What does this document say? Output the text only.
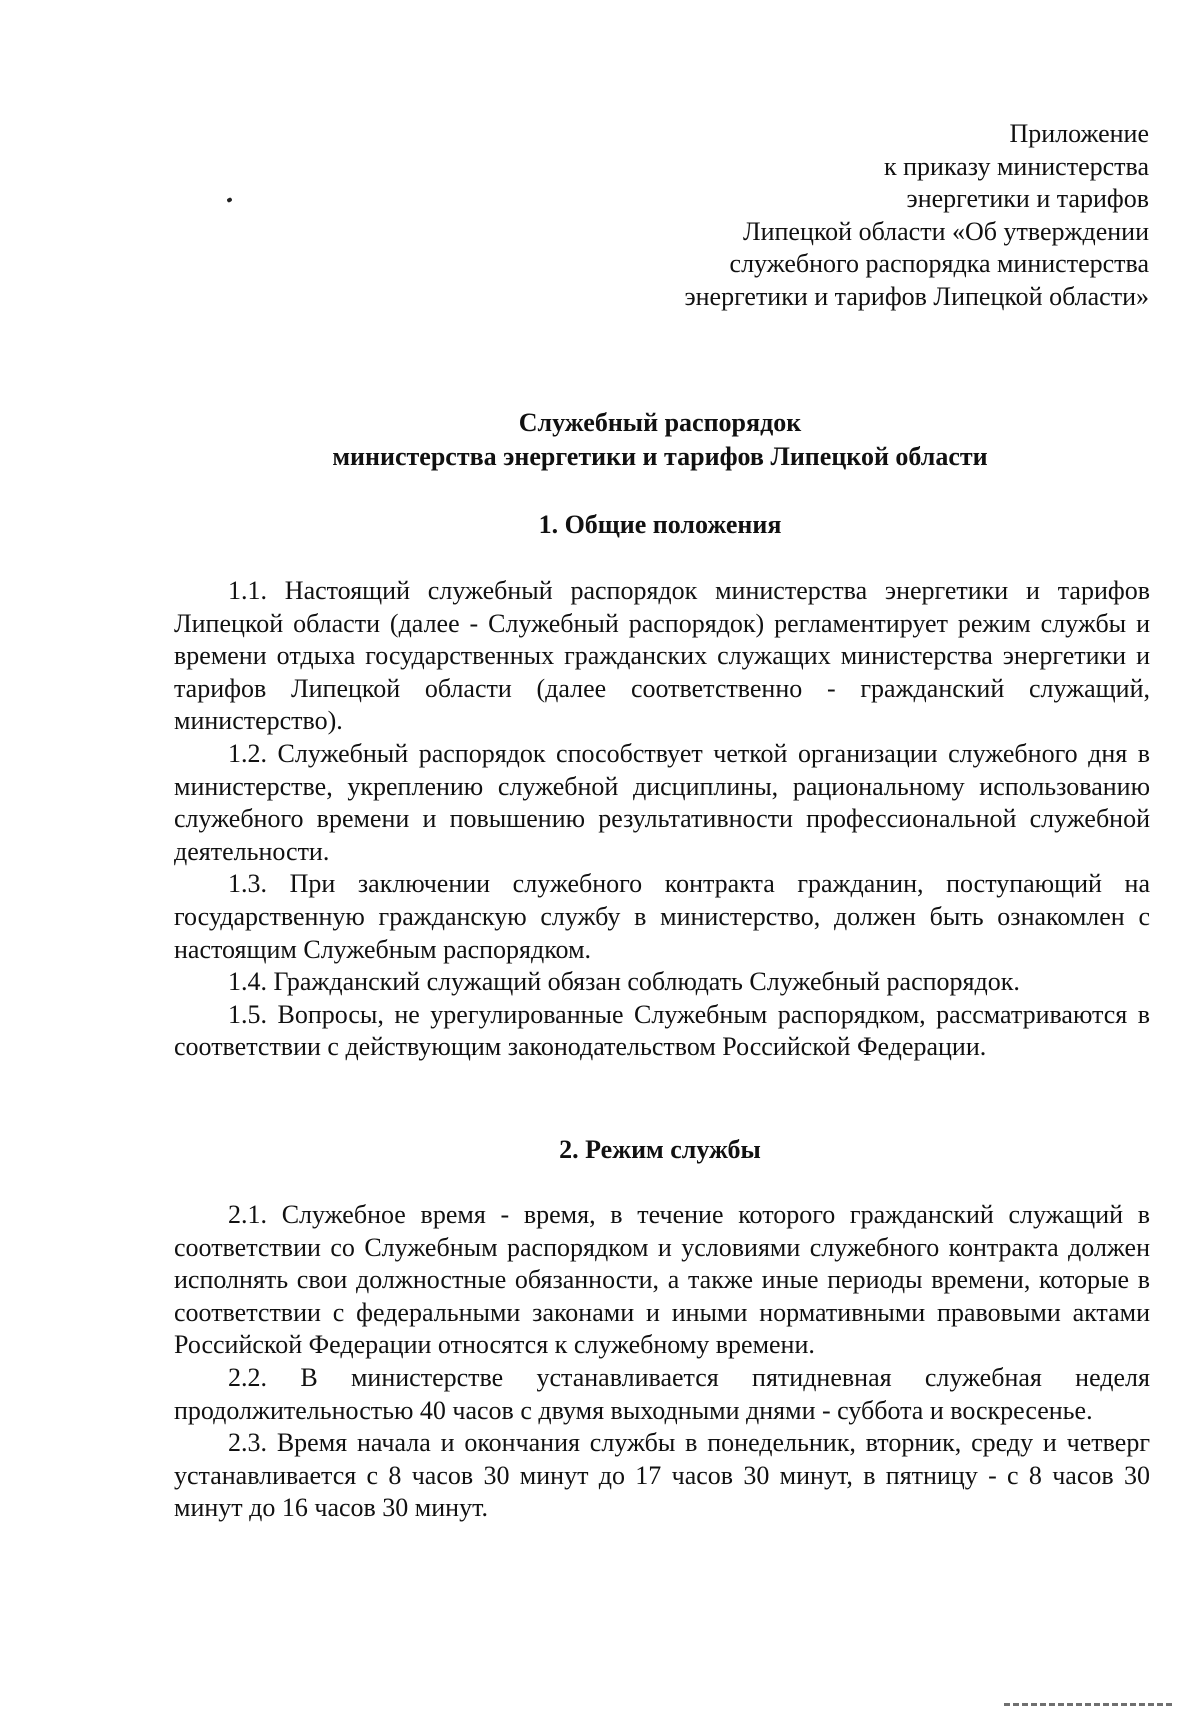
Приложение
к приказу министерства
энергетики и тарифов
Липецкой области «Об утверждении
служебного распорядка министерства
энергетики и тарифов Липецкой области»
Служебный распорядок
министерства энергетики и тарифов Липецкой области
1. Общие положения

1.1. Настоящий служебный распорядок министерства энергетики и тарифов Липецкой области (далее - Служебный распорядок) регламентирует режим службы и времени отдыха государственных гражданских служащих министерства энергетики и тарифов Липецкой области (далее соответственно - гражданский служащий, министерство).

1.2. Служебный распорядок способствует четкой организации служебного дня в министерстве, укреплению служебной дисциплины, рациональному использованию служебного времени и повышению результативности профессиональной служебной деятельности.

1.3. При заключении служебного контракта гражданин, поступающий на государственную гражданскую службу в министерство, должен быть ознакомлен с настоящим Служебным распорядком.

1.4. Гражданский служащий обязан соблюдать Служебный распорядок.

1.5. Вопросы, не урегулированные Служебным распорядком, рассматриваются в соответствии с действующим законодательством Российской Федерации.

2. Режим службы

2.1. Служебное время - время, в течение которого гражданский служащий в соответствии со Служебным распорядком и условиями служебного контракта должен исполнять свои должностные обязанности, а также иные периоды времени, которые в соответствии с федеральными законами и иными нормативными правовыми актами Российской Федерации относятся к служебному времени.

2.2. В министерстве устанавливается пятидневная служебная неделя продолжительностью 40 часов с двумя выходными днями - суббота и воскресенье.

2.3. Время начала и окончания службы в понедельник, вторник, среду и четверг устанавливается с 8 часов 30 минут до 17 часов 30 минут, в пятницу - с 8 часов 30 минут до 16 часов 30 минут.
